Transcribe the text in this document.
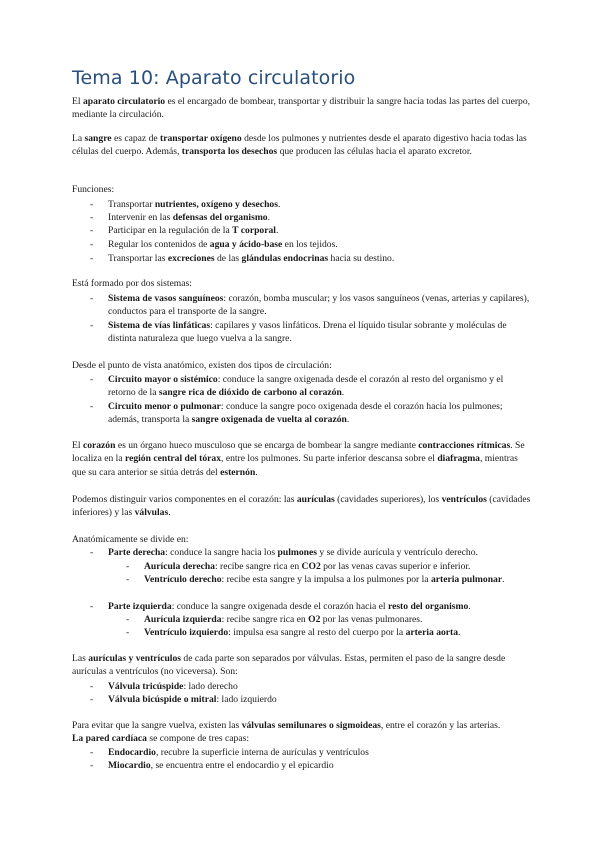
Tema 10: Aparato circulatorio

El aparato circulatorio es el encargado de bombear, transportar y distribuir la sangre hacia todas las partes del cuerpo, mediante la circulación.

La sangre es capaz de transportar oxígeno desde los pulmones y nutrientes desde el aparato digestivo hacia todas las células del cuerpo. Además, transporta los desechos que producen las células hacia el aparato excretor.

Funciones:

- Transportar nutrientes, oxígeno y desechos.

- Intervenir en las defensas del organismo.

- Participar en la regulación de la T corporal.

- Regular los contenidos de agua y ácido-base en los tejidos.

- Transportar las excreciones de las glándulas endocrinas hacia su destino.

Está formado por dos sistemas:

- Sistema de vasos sanguíneos: corazón, bomba muscular; y los vasos sanguíneos (venas, arterias y capilares), conductos para el transporte de la sangre.

- Sistema de vías linfáticas: capilares y vasos linfáticos. Drena el líquido tisular sobrante y moléculas de distinta naturaleza que luego vuelva a la sangre.

Desde el punto de vista anatómico, existen dos tipos de circulación:

- Circuito mayor o sistémico: conduce la sangre oxigenada desde el corazón al resto del organismo y el retorno de la sangre rica de dióxido de carbono al corazón.

- Circuito menor o pulmonar: conduce la sangre poco oxigenada desde el corazón hacia los pulmones; además, transporta la sangre oxigenada de vuelta al corazón.

El corazón es un órgano hueco musculoso que se encarga de bombear la sangre mediante contracciones rítmicas. Se localiza en la región central del tórax, entre los pulmones. Su parte inferior descansa sobre el diafragma, mientras que su cara anterior se sitúa detrás del esternón.

Podemos distinguir varios componentes en el corazón: las aurículas (cavidades superiores), los ventrículos (cavidades inferiores) y las válvulas.

Anatómicamente se divide en:

- Parte derecha: conduce la sangre hacia los pulmones y se divide aurícula y ventrículo derecho.

- Aurícula derecha: recibe sangre rica en CO2 por las venas cavas superior e inferior.

- Ventrículo derecho: recibe esta sangre y la impulsa a los pulmones por la arteria pulmonar.

- Parte izquierda: conduce la sangre oxigenada desde el corazón hacia el resto del organismo.

- Aurícula izquierda: recibe sangre rica en O2 por las venas pulmonares.

- Ventrículo izquierdo: impulsa esa sangre al resto del cuerpo por la arteria aorta.

Las aurículas y ventrículos de cada parte son separados por válvulas. Estas, permiten el paso de la sangre desde aurículas a ventrículos (no viceversa). Son:

- Válvula tricúspide: lado derecho

- Válvula bicúspide o mitral: lado izquierdo

Para evitar que la sangre vuelva, existen las válvulas semilunares o sigmoideas, entre el corazón y las arterias.

La pared cardíaca se compone de tres capas:

- Endocardio, recubre la superficie interna de aurículas y ventrículos

- Miocardio, se encuentra entre el endocardio y el epicardio
